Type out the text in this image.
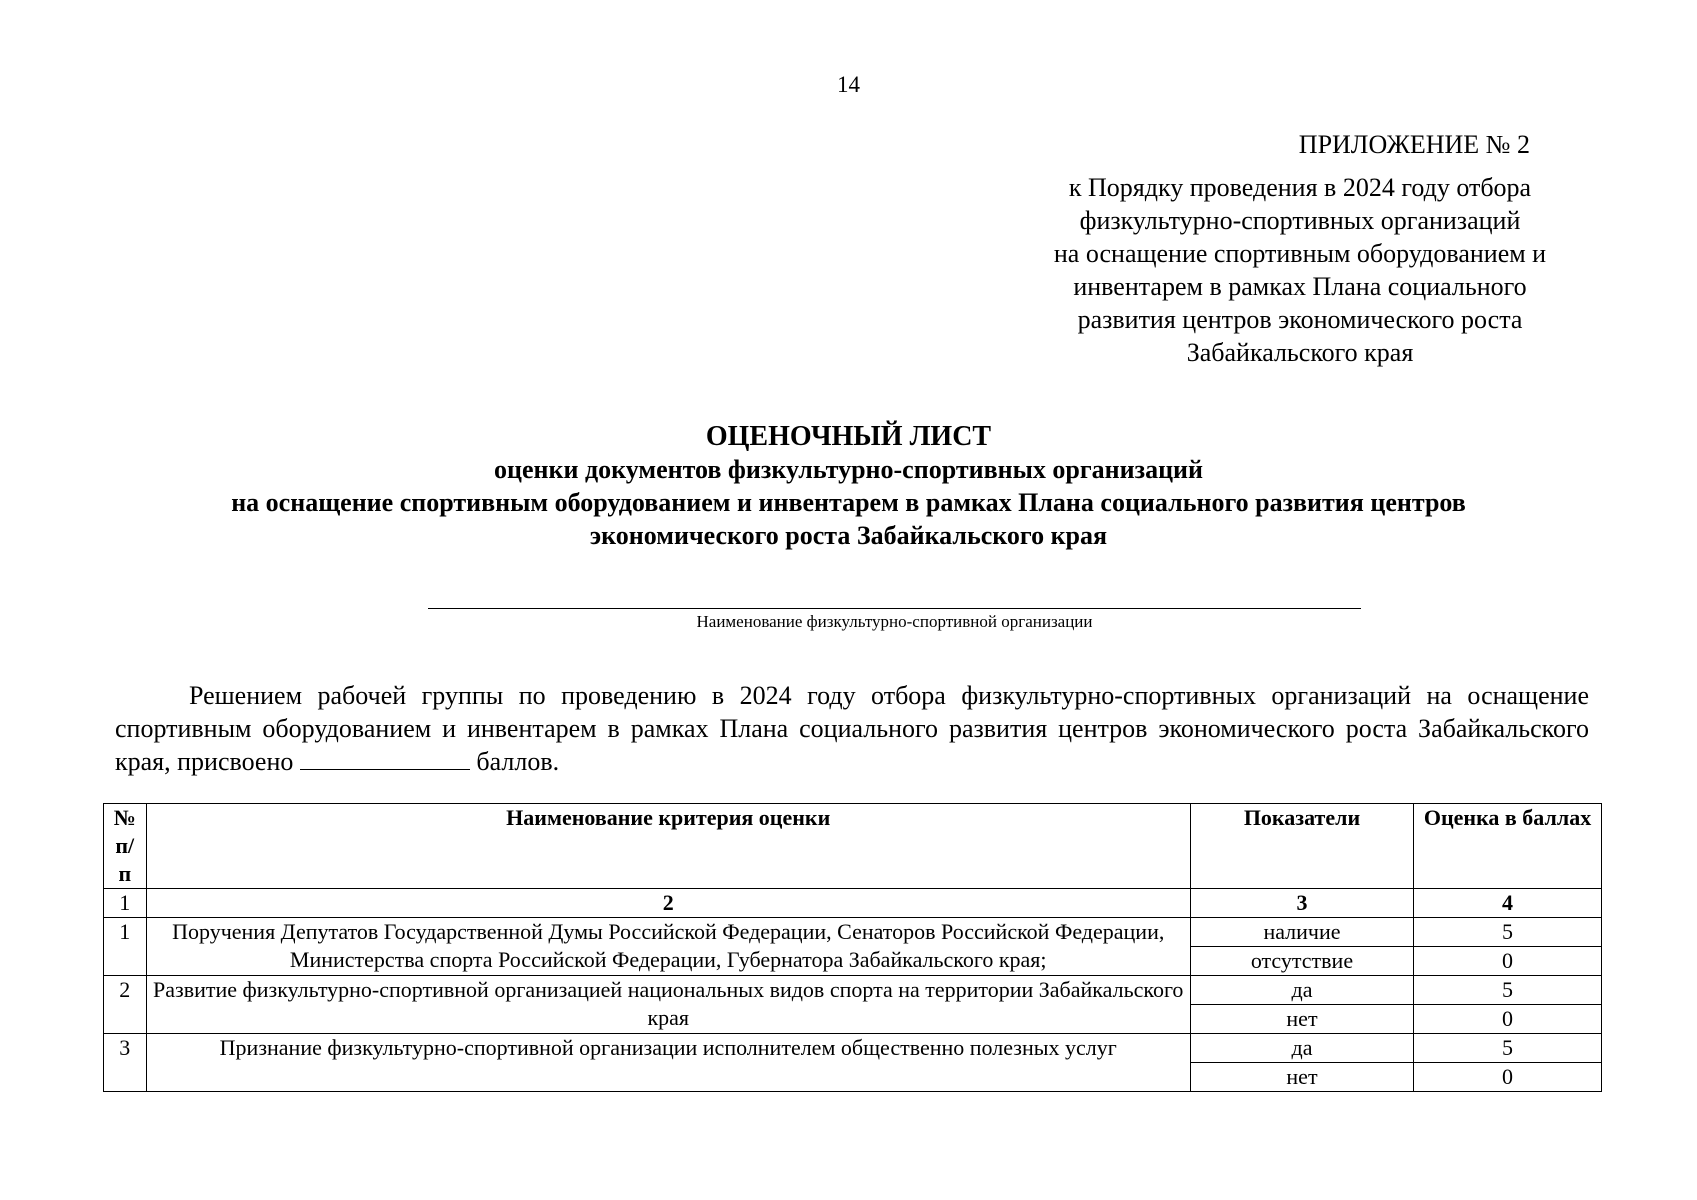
14
ПРИЛОЖЕНИЕ № 2
к Порядку проведения в 2024 году отбора
физкультурно-спортивных организаций
на оснащение спортивным оборудованием и
инвентарем в рамках Плана социального
развития центров экономического роста
Забайкальского края
ОЦЕНОЧНЫЙ ЛИСТ
оценки документов физкультурно-спортивных организаций
на оснащение спортивным оборудованием и инвентарем в рамках Плана социального развития центров
экономического роста Забайкальского края
Наименование физкультурно-спортивной организации
Решением рабочей группы по проведению в 2024 году отбора физкультурно-спортивных организаций на оснащение спортивным оборудованием и инвентарем в рамках Плана социального развития центров экономического роста Забайкальского края, присвоено	баллов.
№ п/п	Наименование критерия оценки	Показатели	Оценка в баллах
1	2	3	4
1	Поручения Депутатов Государственной Думы Российской Федерации, Сенаторов Российской Федерации, Министерства спорта Российской Федерации, Губернатора Забайкальского края;	наличие	5
		отсутствие	0
2	Развитие физкультурно-спортивной организацией национальных видов спорта на территории Забайкальского края	да	5
		нет	0
3	Признание физкультурно-спортивной организации исполнителем общественно полезных услуг	да	5
		нет	0
